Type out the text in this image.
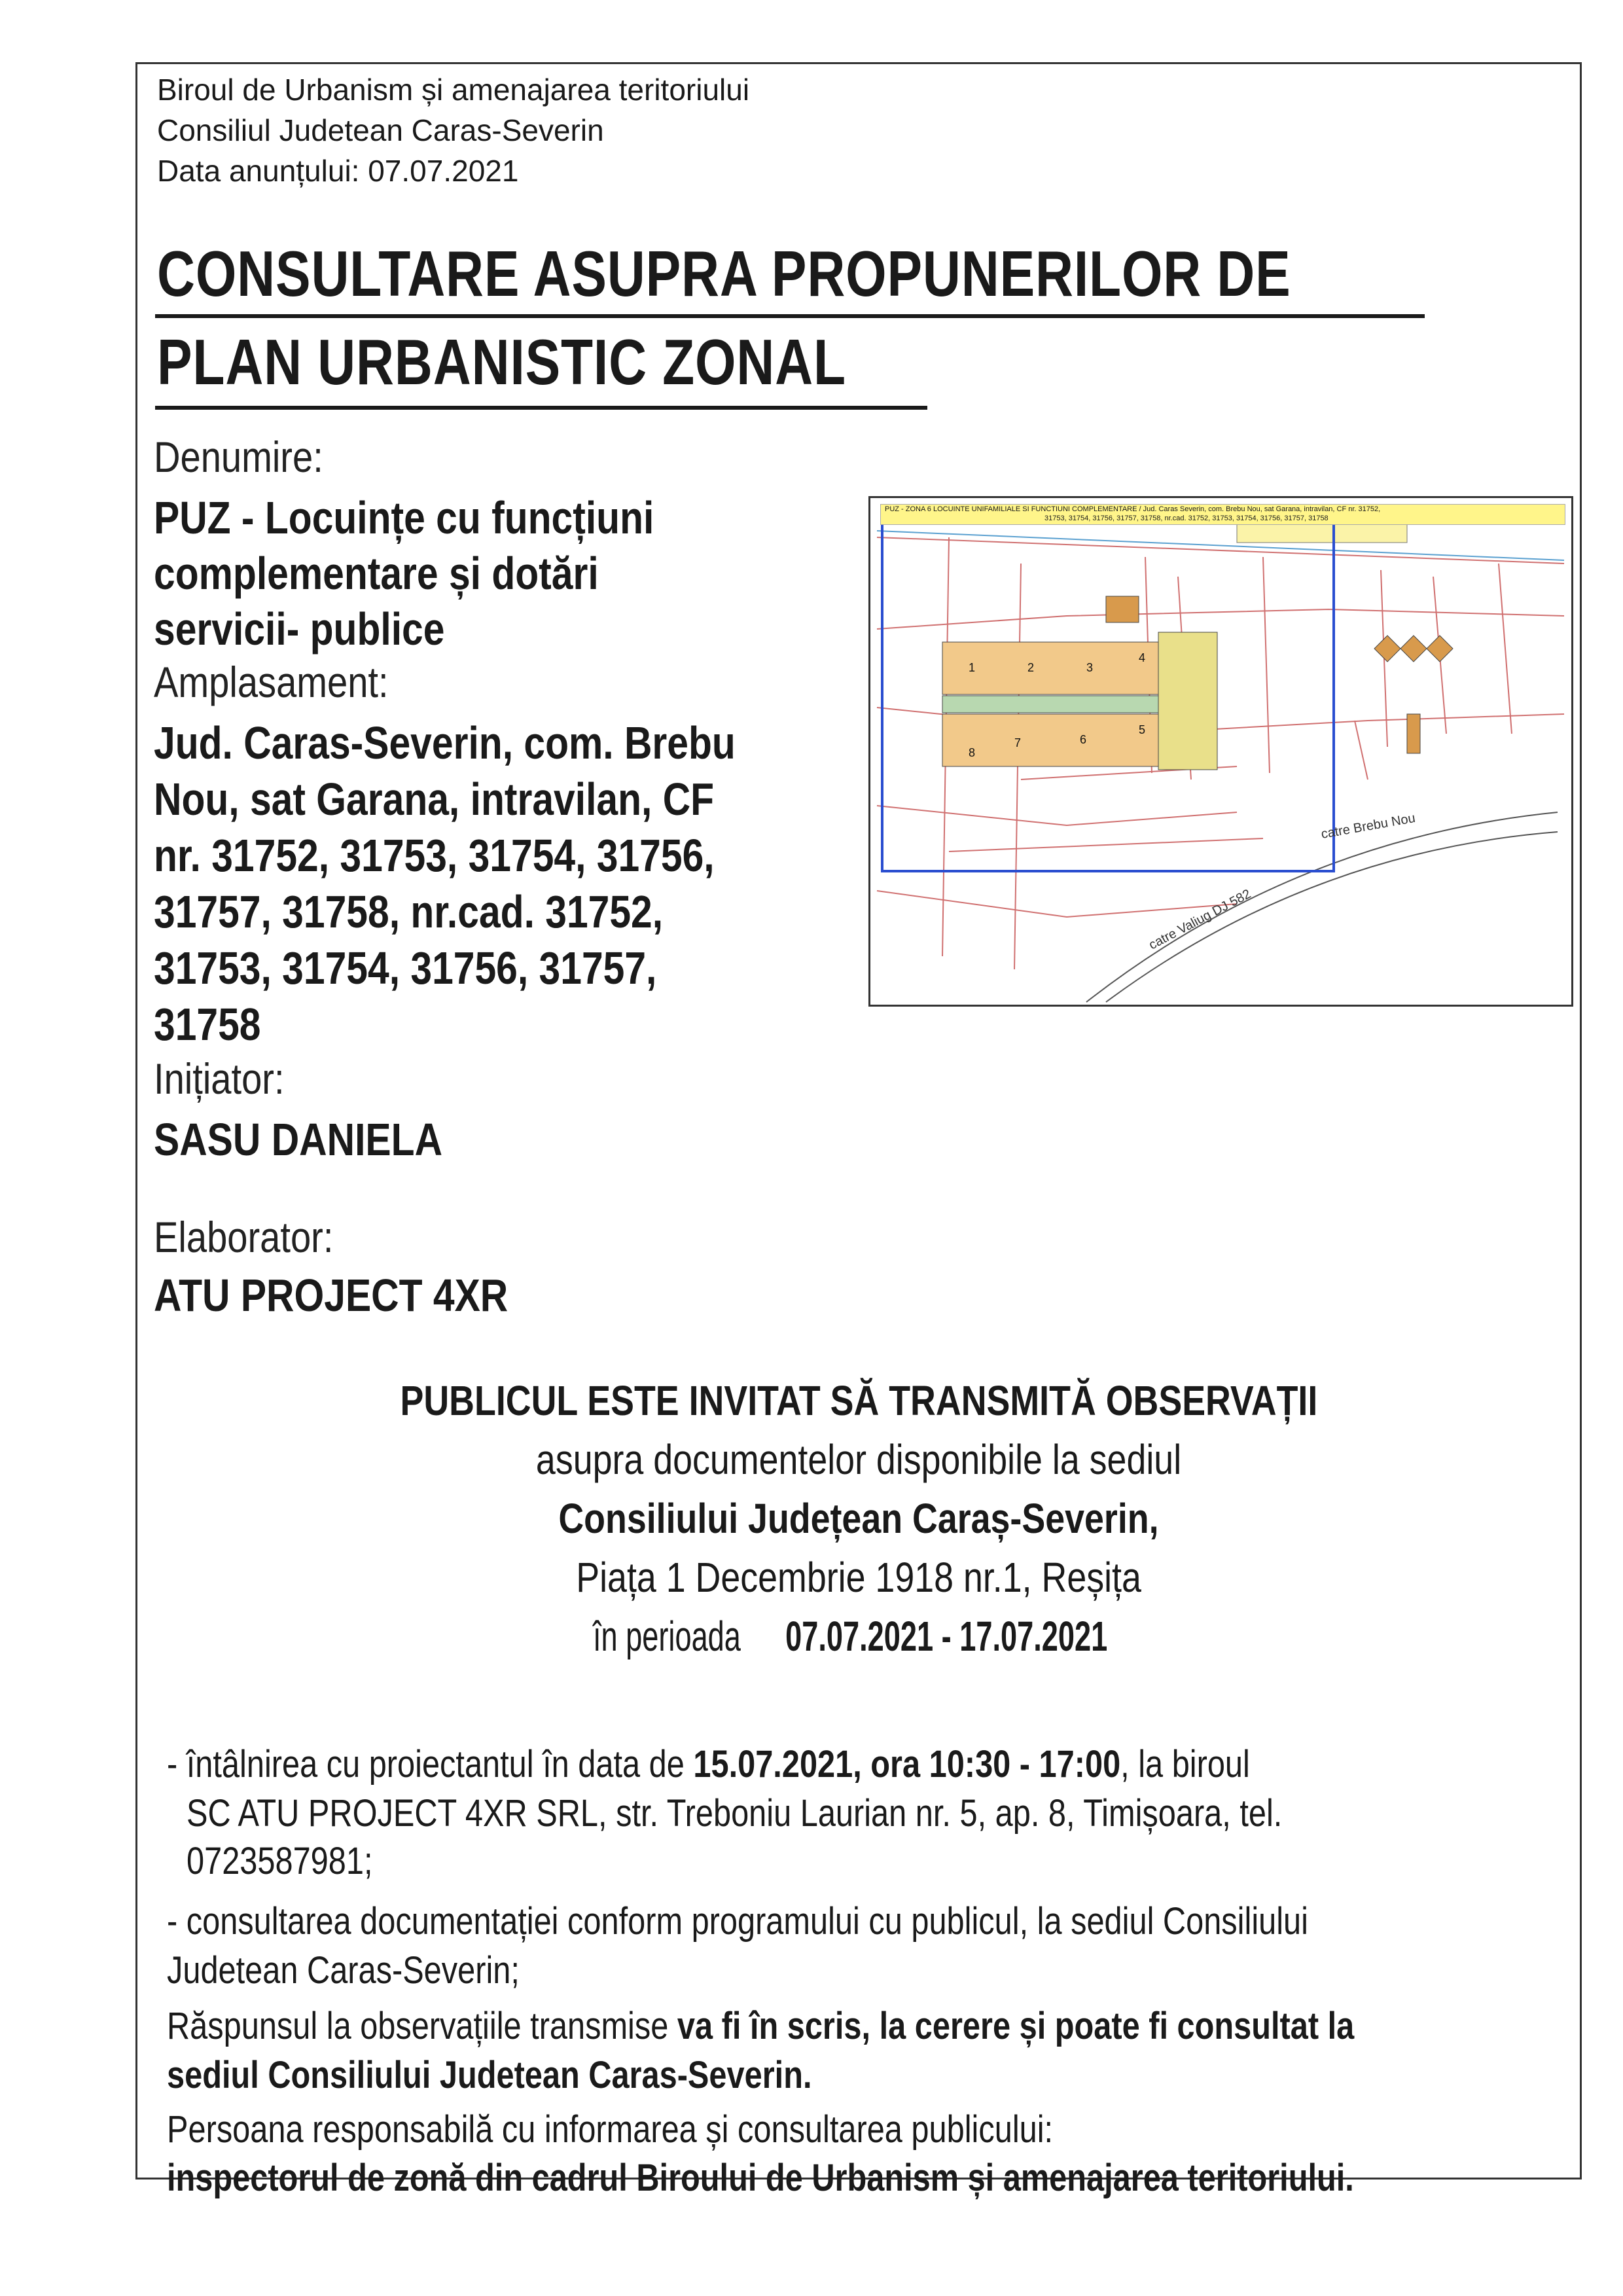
Biroul de Urbanism și amenajarea teritoriului
Consiliul Judetean Caras-Severin
Data anunțului: 07.07.2021
CONSULTARE ASUPRA PROPUNERILOR DE
PLAN URBANISTIC ZONAL
Denumire:
PUZ - Locuințe cu funcțiuni
complementare și dotări
servicii- publice
Amplasament:
Jud. Caras-Severin, com. Brebu
Nou, sat Garana, intravilan, CF
nr. 31752, 31753, 31754, 31756,
31757, 31758, nr.cad. 31752,
31753, 31754, 31756, 31757,
31758
Inițiator:
SASU DANIELA
Elaborator:
ATU PROJECT 4XR
1	2	3
4
5
6
7
8
catre Brebu Nou
catre Valiug DJ 582
PUZ - ZONA 6 LOCUINTE UNIFAMILIALE SI FUNCTIUNI COMPLEMENTARE / Jud. Caras Severin, com. Brebu Nou, sat Garana, intravilan, CF nr. 31752,
31753, 31754, 31756, 31757, 31758, nr.cad. 31752, 31753, 31754, 31756, 31757, 31758
PUBLICUL ESTE INVITAT SĂ TRANSMITĂ OBSERVAȚII
asupra documentelor disponibile la sediul
Consiliului Județean Caraș-Severin,
Piața 1 Decembrie 1918 nr.1, Reșița
în perioada07.07.2021 - 17.07.2021
- întâlnirea cu proiectantul în data de 15.07.2021, ora 10:30 - 17:00, la biroul
SC ATU PROJECT 4XR SRL, str. Treboniu Laurian nr. 5, ap. 8, Timișoara, tel.
0723587981;
- consultarea documentației conform programului cu publicul, la sediul Consiliului
Judetean Caras-Severin;
Răspunsul la observațiile transmise va fi în scris, la cerere și poate fi consultat la
sediul Consiliului Judetean Caras-Severin.
Persoana responsabilă cu informarea și consultarea publicului:
inspectorul de zonă din cadrul Biroului de Urbanism și amenajarea teritoriului.
